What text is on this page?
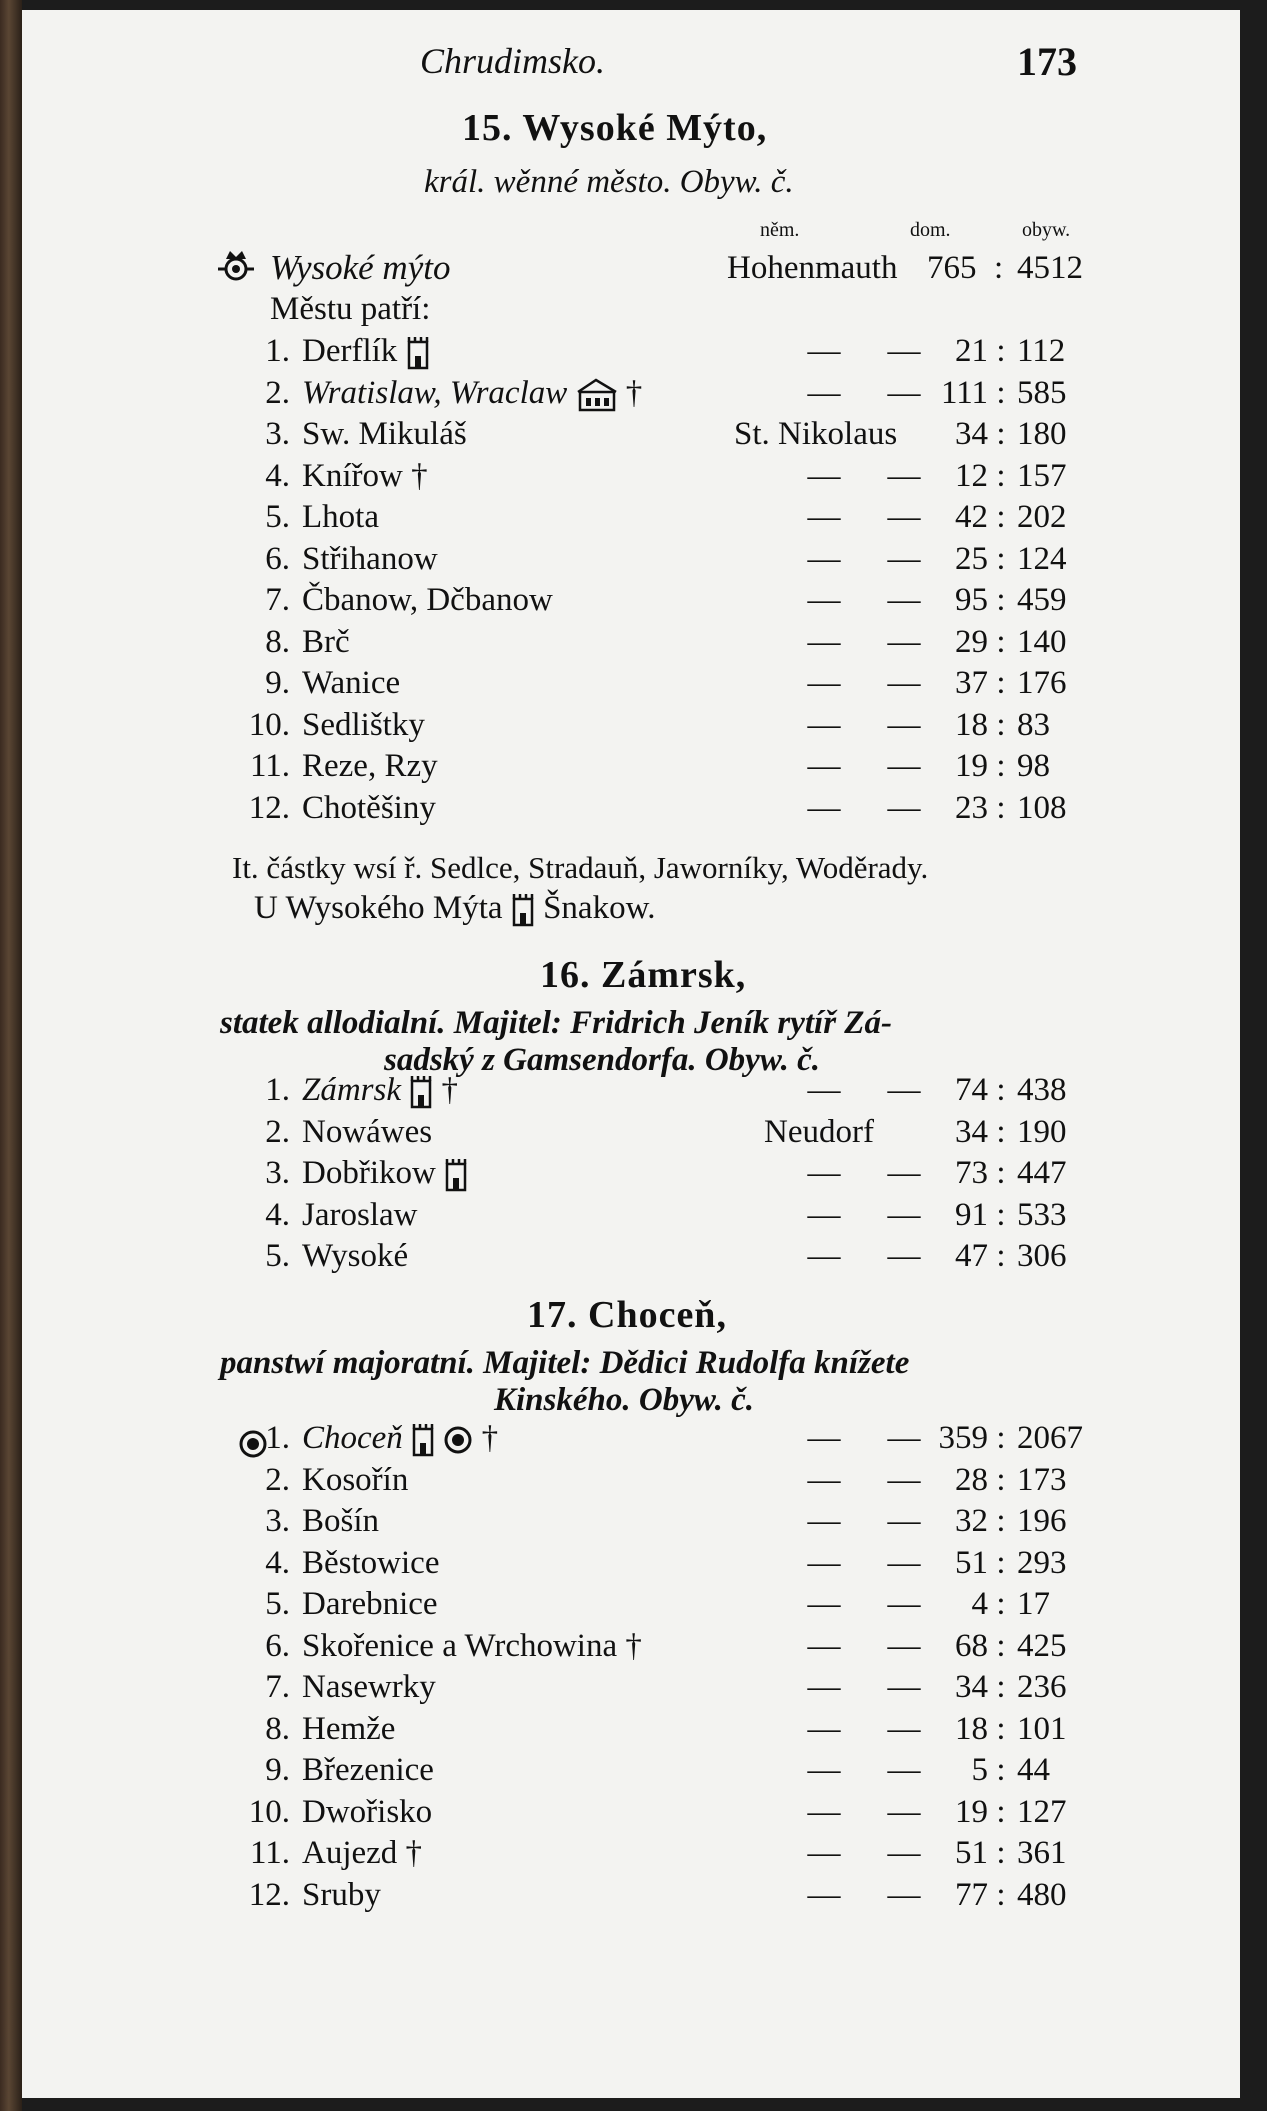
Chrudimsko.	173
15. Wysoké Mýto,
král. wěnné město. Obyw. č.
něm.	dom.	obyw.
Wysoké mýto	Hohenmauth 765 : 4512
Městu patří:
1. Derflík	— —	21 : 112
2. Wratislaw, Wraclaw †	— — 111 : 585
3. Sw. Mikuláš	St. Nikolaus	34 : 180
4. Knířow †	— —	12 : 157
5. Lhota	— —	42 : 202
6. Střihanow	— —	25 : 124
7. Čbanow, Dčbanow	— —	95 : 459
8. Brč	— —	29 : 140
9. Wanice	— —	37 : 176
10. Sedlištky	— —	18 : 83
11. Reze, Rzy	— —	19 : 98
12. Chotěšiny	— —	23 : 108
It. částky wsí ř. Sedlce, Stradauň, Jaworníky, Woděrady.
U Wysokého Mýta Šnakow.
16. Zámrsk,
statek allodialní. Majitel: Fridrich Jeník rytíř Zá-
sadský z Gamsendorfa. Obyw. č.
1. Zámrsk †	— —	74 : 438
2. Nowáwes	Neudorf	34 : 190
3. Dobřikow	— —	73 : 447
4. Jaroslaw	— —	91 : 533
5. Wysoké	— —	47 : 306
17. Choceň,
panstwí majoratní. Majitel: Dědici Rudolfa knížete
Kinského. Obyw. č.
1. Choceň †	— — 359 : 2067
2. Kosořín	— —	28 : 173
3. Bošín	— —	32 : 196
4. Běstowice	— —	51 : 293
5. Darebnice	— —	4 : 17
6. Skořenice a Wrchowina †	— —	68 : 425
7. Nasewrky	— —	34 : 236
8. Hemže	— —	18 : 101
9. Březenice	— —	5 : 44
10. Dwořisko	— —	19 : 127
11. Aujezd †	— —	51 : 361
12. Sruby	— —	77 : 480
